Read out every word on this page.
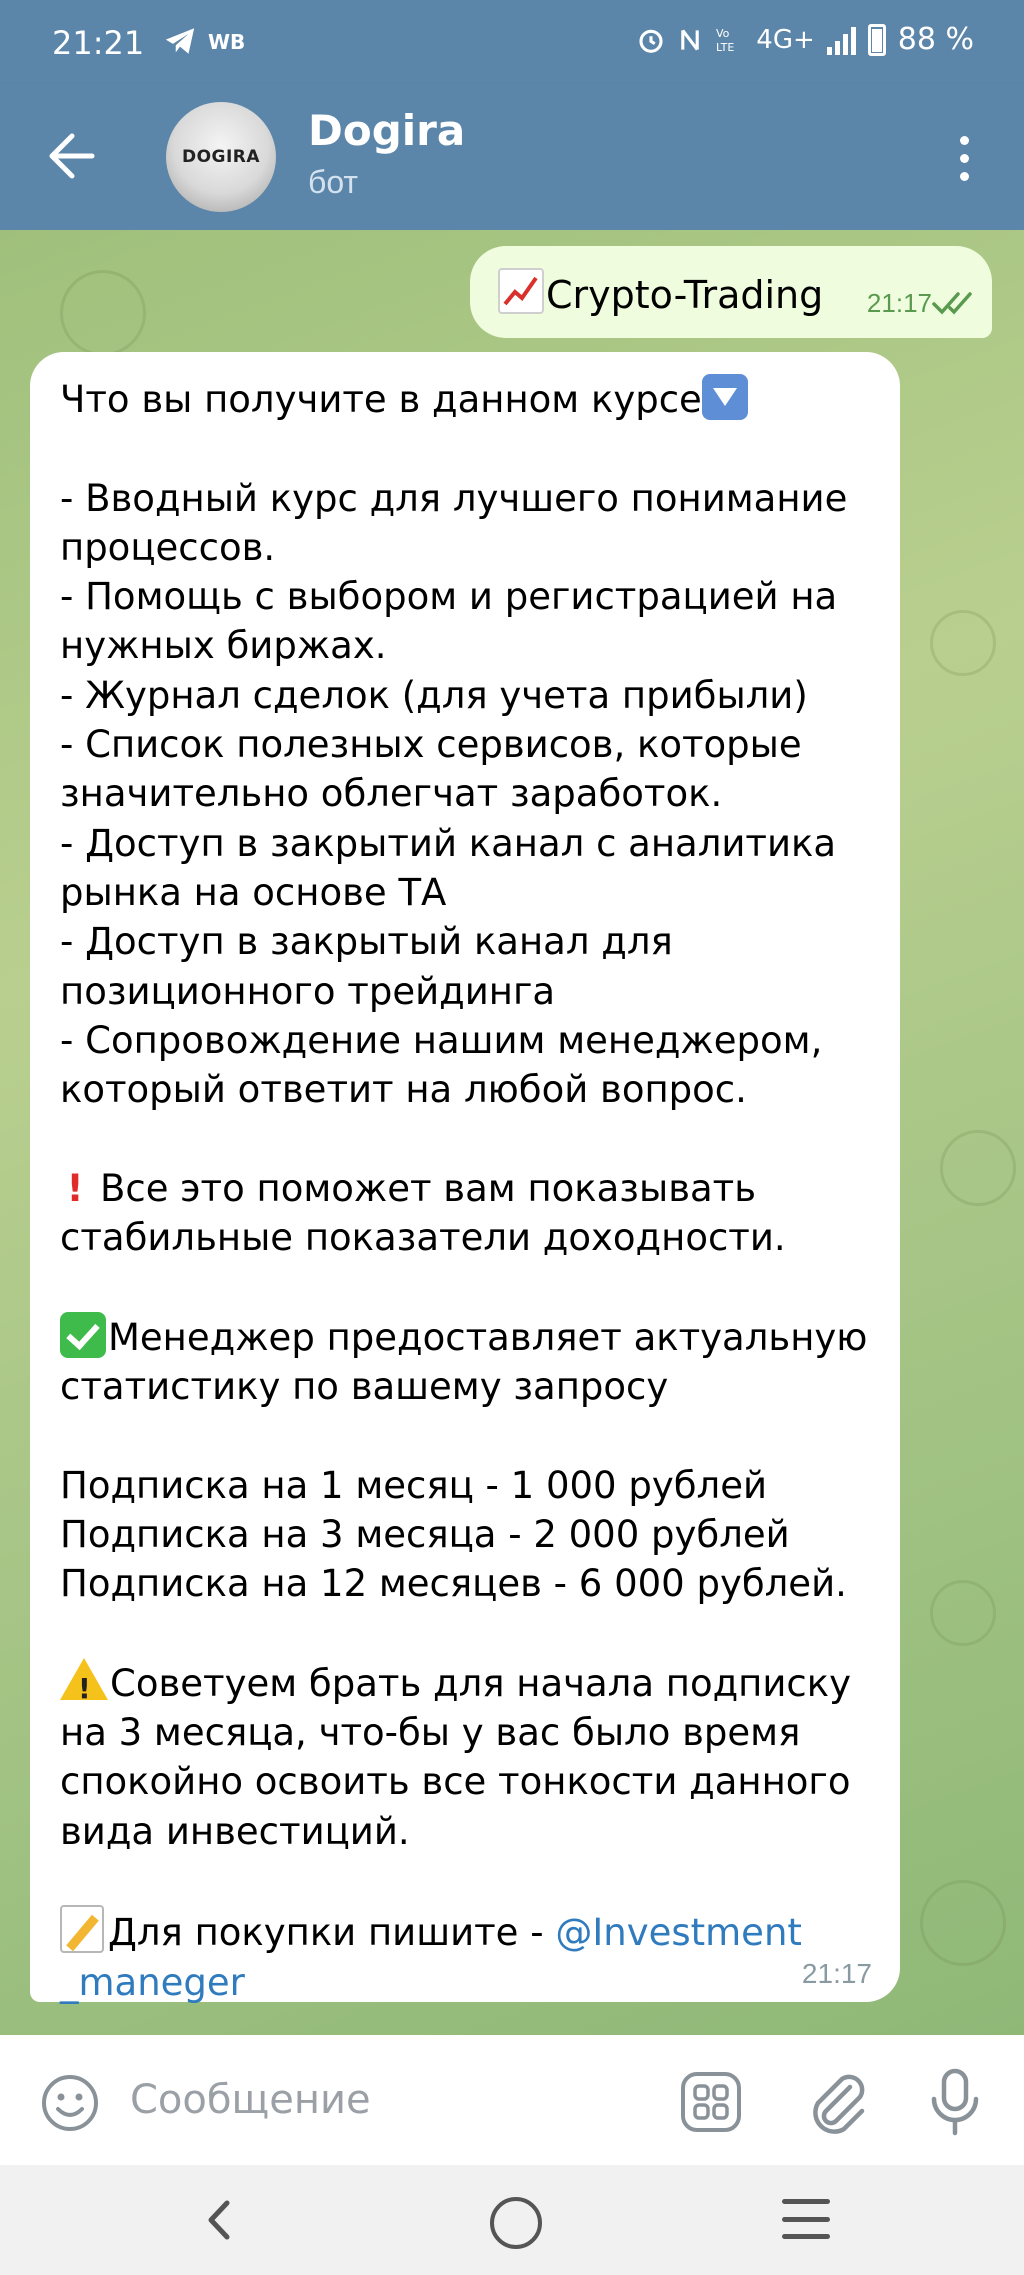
21:21	WB	Vo
LTE 4G+	88 %
DOGIRA
Dogira
бот
Crypto-Trading 21:17
Что вы получите в данном курсе

- Вводный курс для лучшего понимание
процессов.
- Помощь с выбором и регистрацией на
нужных биржах.
- Журнал сделок (для учета прибыли)
- Список полезных сервисов, которые
значительно облегчат заработок.
- Доступ в закрытий канал с аналитика
рынка на основе ТА
- Доступ в закрытый канал для
позиционного трейдинга
- Сопровождение нашим менеджером,
который ответит на любой вопрос.

! Все это поможет вам показывать
стабильные показатели доходности.

Менеджер предоставляет актуальную
статистику по вашему запросу

Подписка на 1 месяц - 1 000 рублей
Подписка на 3 месяца - 2 000 рублей
Подписка на 12 месяцев - 6 000 рублей.

!Советуем брать для начала подписку
на 3 месяца, что-бы у вас было время
спокойно освоить все тонкости данного
вида инвестиций.

Для покупки пишите - @Investment
_maneger	21:17
Сообщение
